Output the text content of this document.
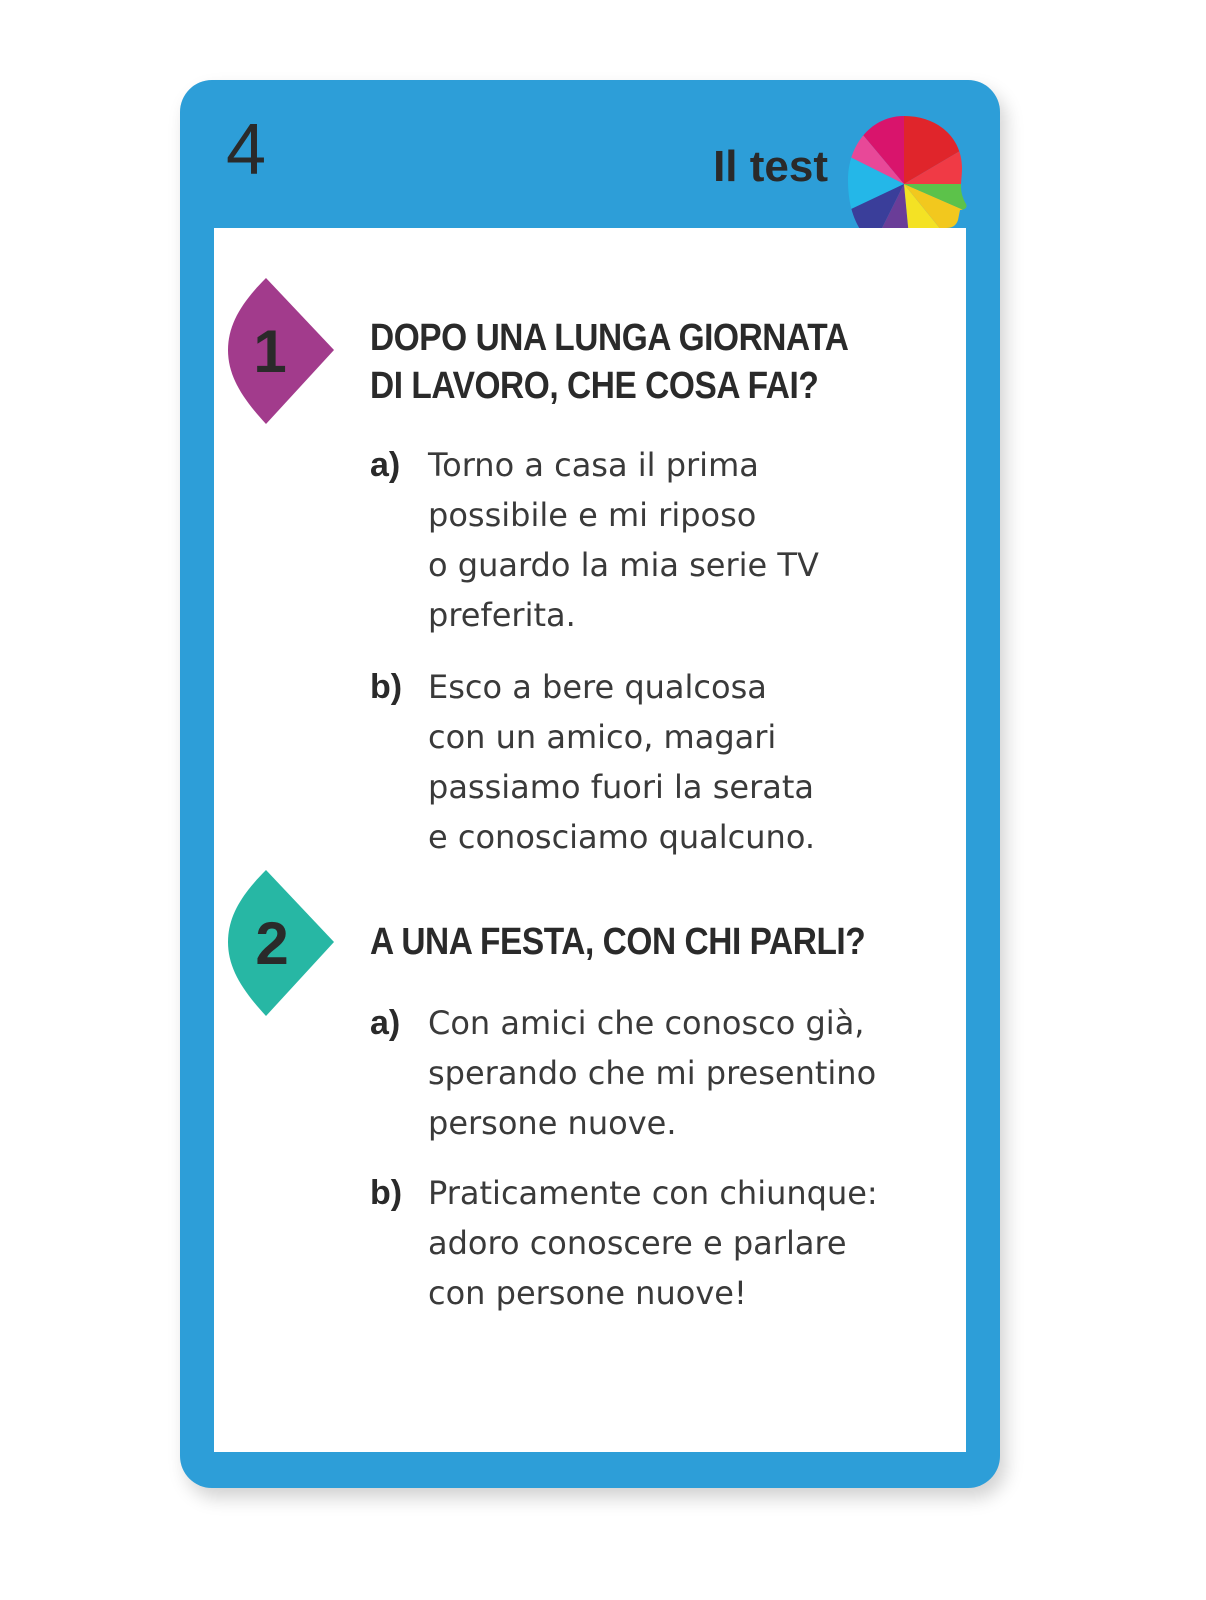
4	Il test
1 DOPO UNA LUNGA GIORNATA
DI LAVORO, CHE COSA FAI?
a) Torno a casa il prima
possibile e mi riposo
o guardo la mia serie TV
preferita.
b) Esco a bere qualcosa
con un amico, magari
passiamo fuori la serata
e conosciamo qualcuno.
2 A UNA FESTA, CON CHI PARLI?
a) Con amici che conosco già,
sperando che mi presentino
persone nuove.
b) Praticamente con chiunque:
adoro conoscere e parlare
con persone nuove!
